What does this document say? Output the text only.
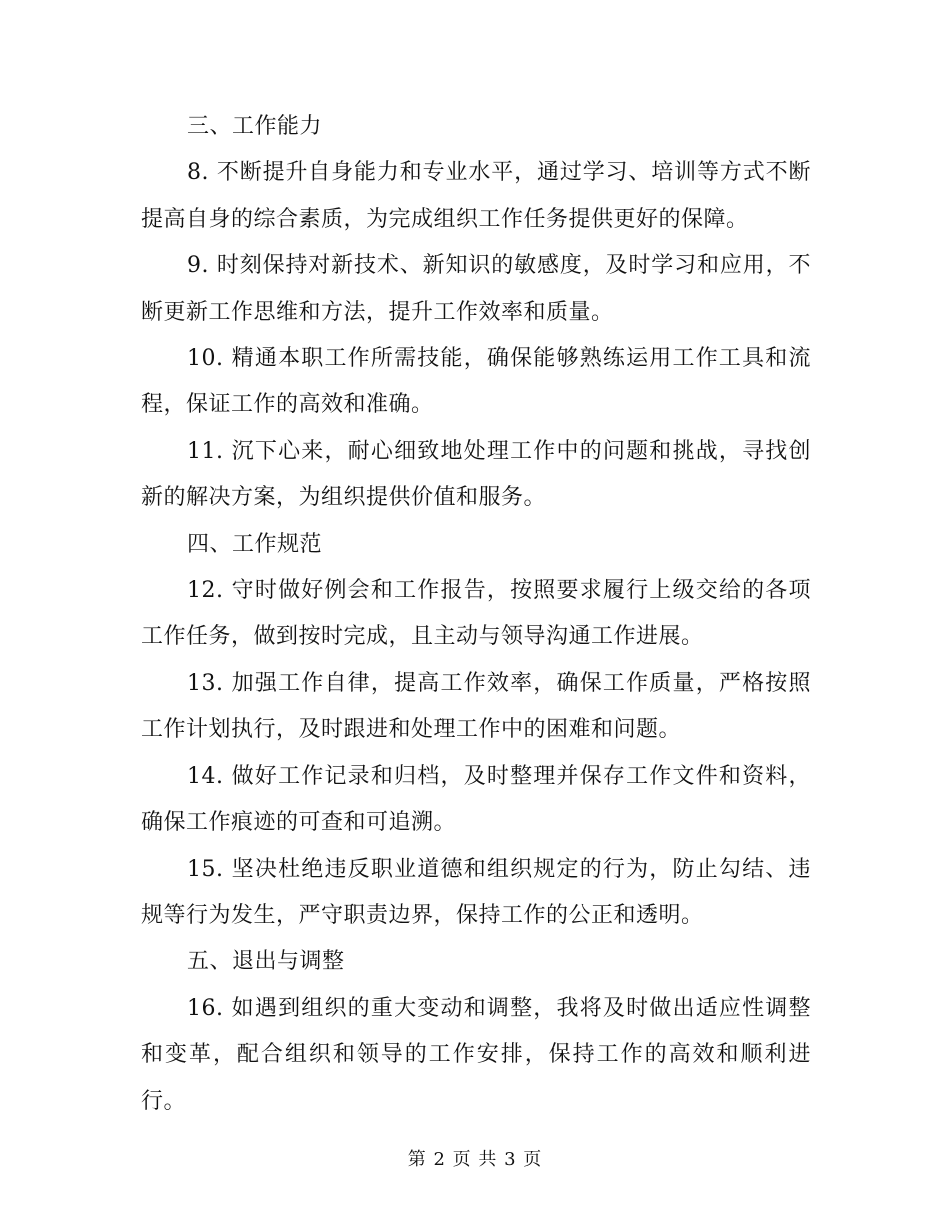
三、工作能力

8. 不断提升自身能力和专业水平，通过学习、培训等方式不断提高自身的综合素质，为完成组织工作任务提供更好的保障。

9. 时刻保持对新技术、新知识的敏感度，及时学习和应用，不断更新工作思维和方法，提升工作效率和质量。

10. 精通本职工作所需技能，确保能够熟练运用工作工具和流程，保证工作的高效和准确。

11. 沉下心来，耐心细致地处理工作中的问题和挑战，寻找创新的解决方案，为组织提供价值和服务。

四、工作规范

12. 守时做好例会和工作报告，按照要求履行上级交给的各项工作任务，做到按时完成，且主动与领导沟通工作进展。

13. 加强工作自律，提高工作效率，确保工作质量，严格按照工作计划执行，及时跟进和处理工作中的困难和问题。

14. 做好工作记录和归档，及时整理并保存工作文件和资料，确保工作痕迹的可查和可追溯。

15. 坚决杜绝违反职业道德和组织规定的行为，防止勾结、违规等行为发生，严守职责边界，保持工作的公正和透明。

五、退出与调整

16. 如遇到组织的重大变动和调整，我将及时做出适应性调整和变革，配合组织和领导的工作安排，保持工作的高效和顺利进行。

第 2 页 共 3 页
